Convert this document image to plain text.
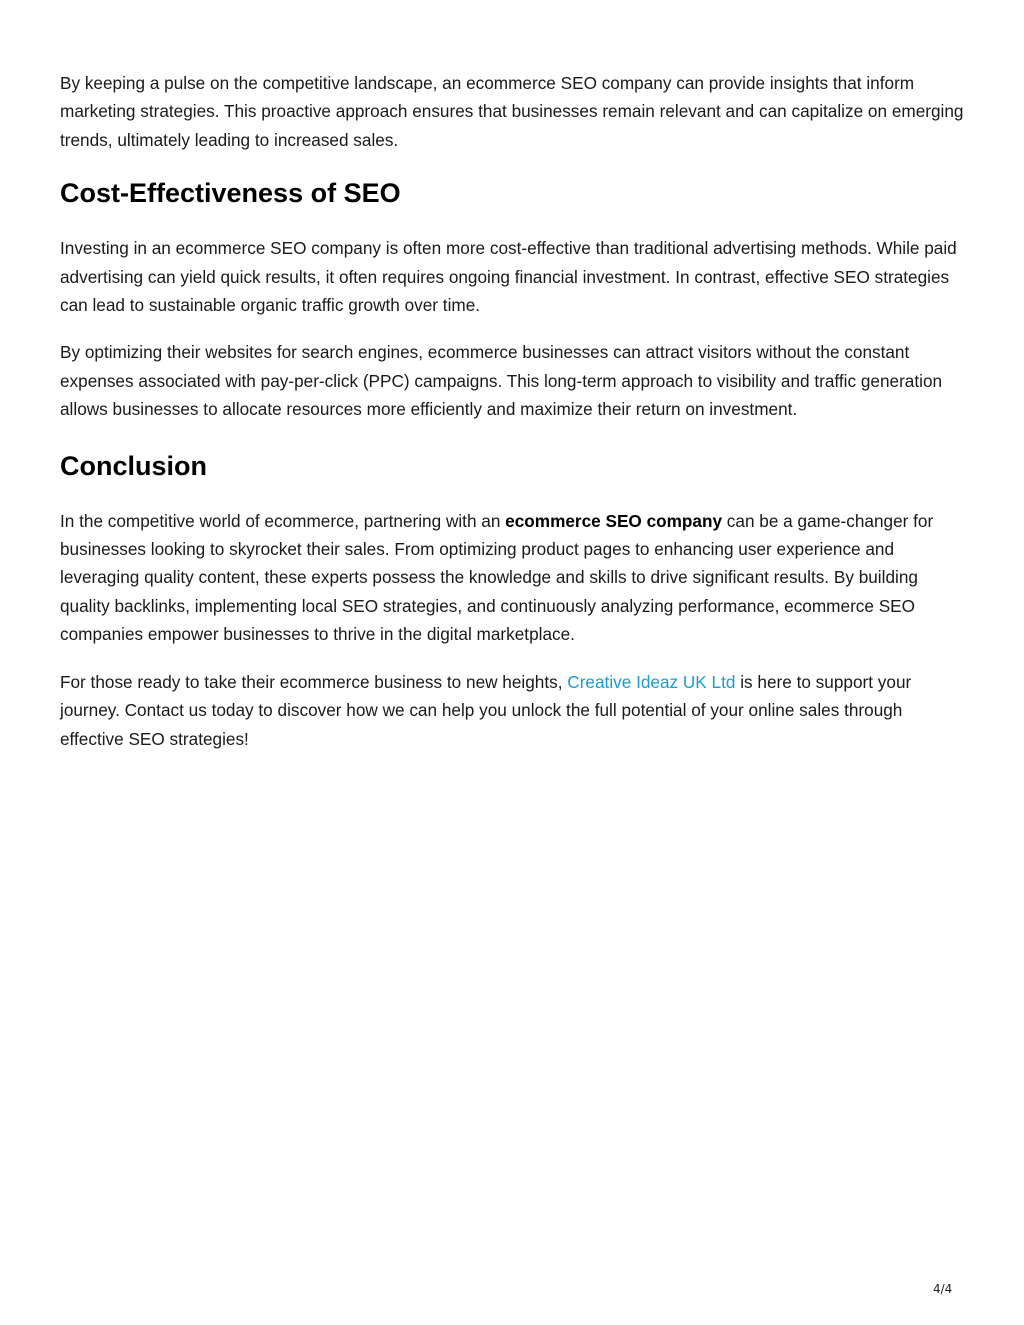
By keeping a pulse on the competitive landscape, an ecommerce SEO company can provide insights that inform marketing strategies. This proactive approach ensures that businesses remain relevant and can capitalize on emerging trends, ultimately leading to increased sales.

Cost-Effectiveness of SEO

Investing in an ecommerce SEO company is often more cost-effective than traditional advertising methods. While paid advertising can yield quick results, it often requires ongoing financial investment. In contrast, effective SEO strategies can lead to sustainable organic traffic growth over time.

By optimizing their websites for search engines, ecommerce businesses can attract visitors without the constant expenses associated with pay-per-click (PPC) campaigns. This long-term approach to visibility and traffic generation allows businesses to allocate resources more efficiently and maximize their return on investment.

Conclusion

In the competitive world of ecommerce, partnering with an ecommerce SEO company can be a game-changer for businesses looking to skyrocket their sales. From optimizing product pages to enhancing user experience and leveraging quality content, these experts possess the knowledge and skills to drive significant results. By building quality backlinks, implementing local SEO strategies, and continuously analyzing performance, ecommerce SEO companies empower businesses to thrive in the digital marketplace.

For those ready to take their ecommerce business to new heights, Creative Ideaz UK Ltd is here to support your journey. Contact us today to discover how we can help you unlock the full potential of your online sales through effective SEO strategies!

4/4
